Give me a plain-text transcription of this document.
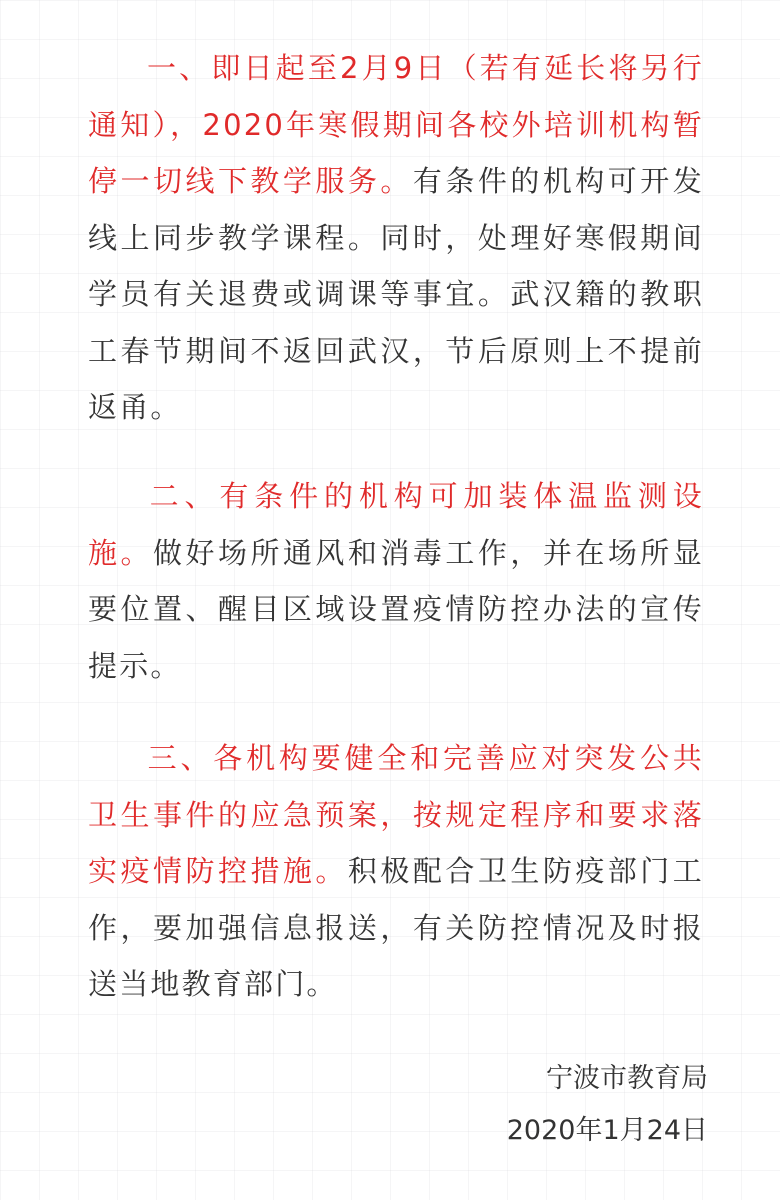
一、即日起至2月9日（若有延长将另行通知），2020年寒假期间各校外培训机构暂停一切线下教学服务。有条件的机构可开发线上同步教学课程。同时，处理好寒假期间学员有关退费或调课等事宜。武汉籍的教职工春节期间不返回武汉，节后原则上不提前返甬。

二、有条件的机构可加装体温监测设施。做好场所通风和消毒工作，并在场所显要位置、醒目区域设置疫情防控办法的宣传提示。

三、各机构要健全和完善应对突发公共卫生事件的应急预案，按规定程序和要求落实疫情防控措施。积极配合卫生防疫部门工作，要加强信息报送，有关防控情况及时报送当地教育部门。

宁波市教育局

2020年1月24日
